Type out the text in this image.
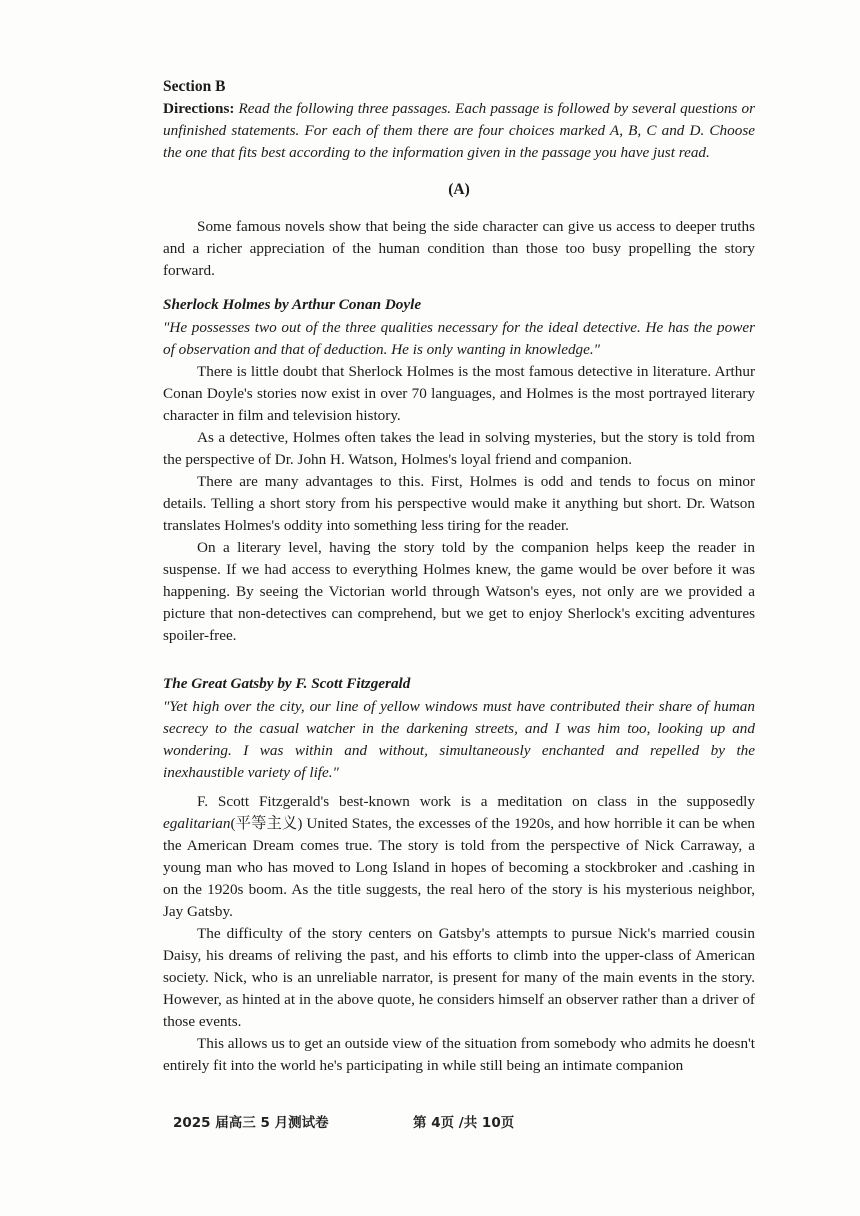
Section B

Directions: Read the following three passages. Each passage is followed by several questions or unfinished statements. For each of them there are four choices marked A, B, C and D. Choose the one that fits best according to the information given in the passage you have just read.

(A)

Some famous novels show that being the side character can give us access to deeper truths and a richer appreciation of the human condition than those too busy propelling the story forward.

Sherlock Holmes by Arthur Conan Doyle

"He possesses two out of the three qualities necessary for the ideal detective. He has the power of observation and that of deduction. He is only wanting in knowledge."

There is little doubt that Sherlock Holmes is the most famous detective in literature. Arthur Conan Doyle's stories now exist in over 70 languages, and Holmes is the most portrayed literary character in film and television history.

As a detective, Holmes often takes the lead in solving mysteries, but the story is told from the perspective of Dr. John H. Watson, Holmes's loyal friend and companion.

There are many advantages to this. First, Holmes is odd and tends to focus on minor details. Telling a short story from his perspective would make it anything but short. Dr. Watson translates Holmes's oddity into something less tiring for the reader.

On a literary level, having the story told by the companion helps keep the reader in suspense. If we had access to everything Holmes knew, the game would be over before it was happening. By seeing the Victorian world through Watson's eyes, not only are we provided a picture that non-detectives can comprehend, but we get to enjoy Sherlock's exciting adventures spoiler-free.

The Great Gatsby by F. Scott Fitzgerald

"Yet high over the city, our line of yellow windows must have contributed their share of human secrecy to the casual watcher in the darkening streets, and I was him too, looking up and wondering. I was within and without, simultaneously enchanted and repelled by the inexhaustible variety of life."

F. Scott Fitzgerald's best-known work is a meditation on class in the supposedly egalitarian(平等主义) United States, the excesses of the 1920s, and how horrible it can be when the American Dream comes true. The story is told from the perspective of Nick Carraway, a young man who has moved to Long Island in hopes of becoming a stockbroker and .cashing in on the 1920s boom. As the title suggests, the real hero of the story is his mysterious neighbor, Jay Gatsby.

The difficulty of the story centers on Gatsby's attempts to pursue Nick's married cousin Daisy, his dreams of reliving the past, and his efforts to climb into the upper-class of American society. Nick, who is an unreliable narrator, is present for many of the main events in the story. However, as hinted at in the above quote, he considers himself an observer rather than a driver of those events.

This allows us to get an outside view of the situation from somebody who admits he doesn't entirely fit into the world he's participating in while still being an intimate companion

2025 届高三 5 月测试卷	第 4页 /共 10页
